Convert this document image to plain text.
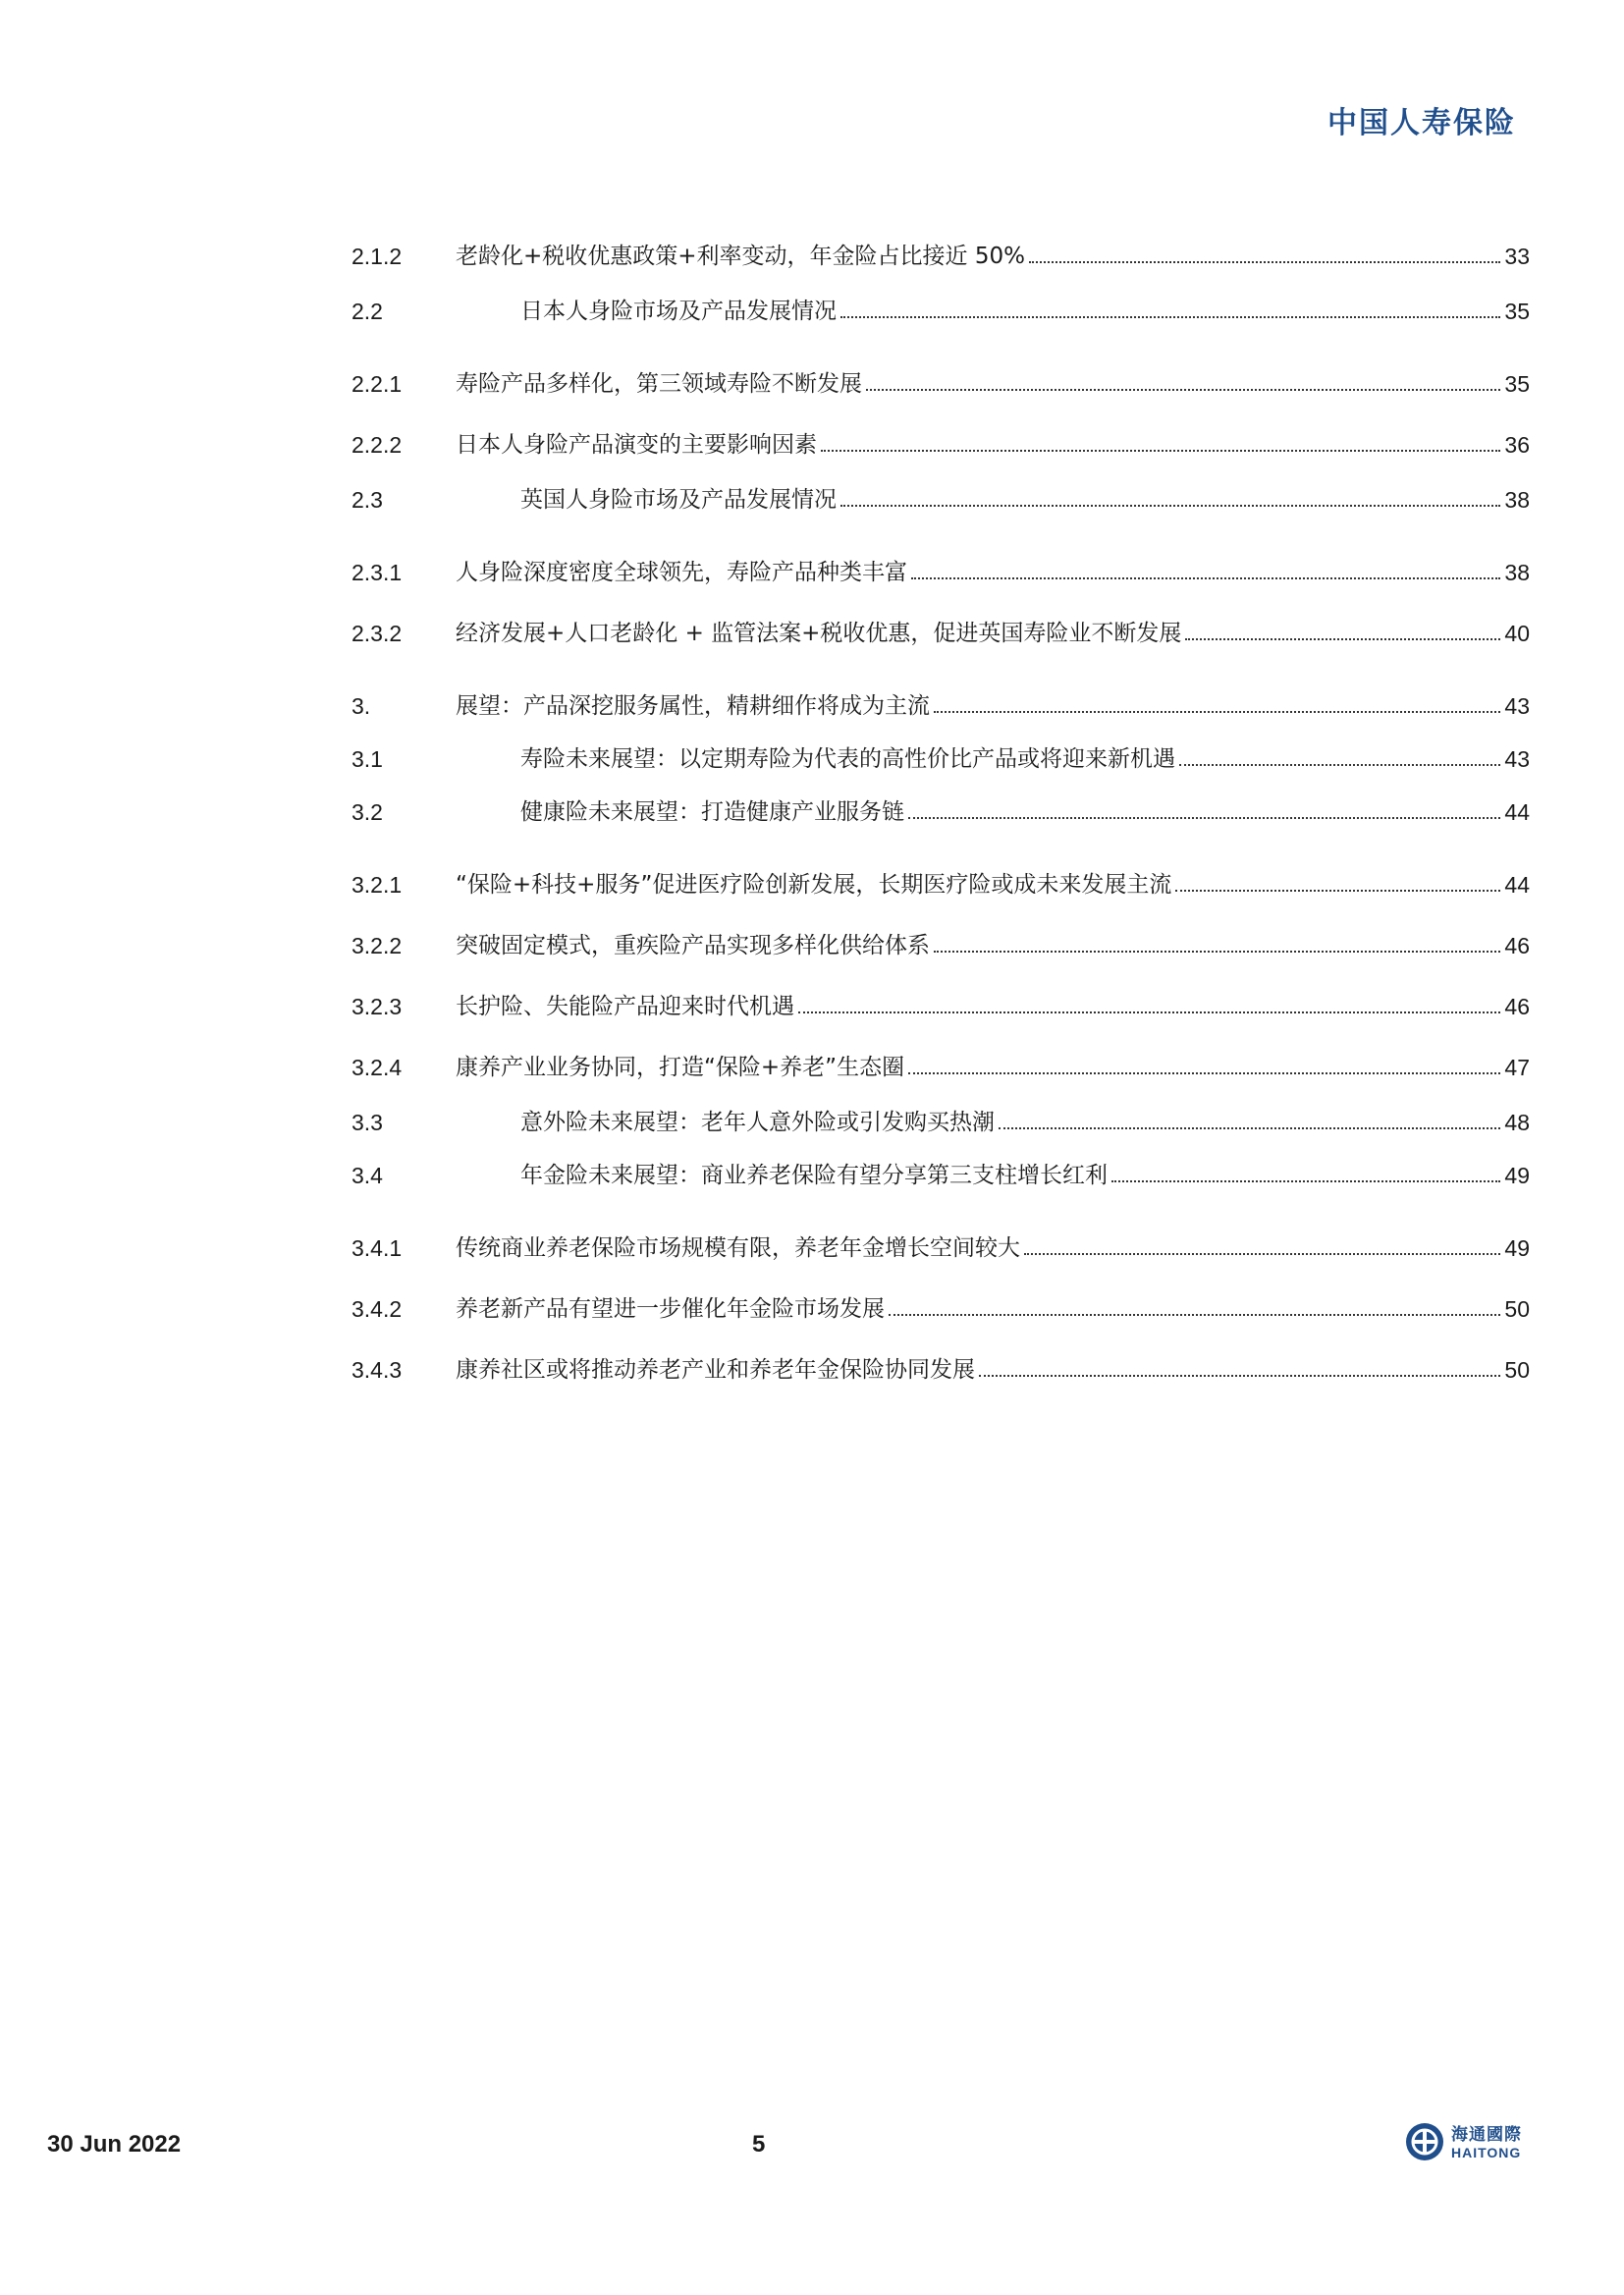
中国人寿保险
2.1.2	老龄化+税收优惠政策+利率变动，年金险占比接近 50%	33
2.2	日本人身险市场及产品发展情况	35
2.2.1	寿险产品多样化，第三领域寿险不断发展	35
2.2.2	日本人身险产品演变的主要影响因素	36
2.3	英国人身险市场及产品发展情况	38
2.3.1	人身险深度密度全球领先，寿险产品种类丰富	38
2.3.2	经济发展+人口老龄化 + 监管法案+税收优惠，促进英国寿险业不断发展	40
3.	展望：产品深挖服务属性，精耕细作将成为主流	43
3.1	寿险未来展望：以定期寿险为代表的高性价比产品或将迎来新机遇	43
3.2	健康险未来展望：打造健康产业服务链	44
3.2.1	“保险+科技+服务”促进医疗险创新发展，长期医疗险或成未来发展主流	44
3.2.2	突破固定模式，重疾险产品实现多样化供给体系	46
3.2.3	长护险、失能险产品迎来时代机遇	46
3.2.4	康养产业业务协同，打造“保险+养老”生态圈	47
3.3	意外险未来展望：老年人意外险或引发购买热潮	48
3.4	年金险未来展望：商业养老保险有望分享第三支柱增长红利	49
3.4.1	传统商业养老保险市场规模有限，养老年金增长空间较大	49
3.4.2	养老新产品有望进一步催化年金险市场发展	50
3.4.3	康养社区或将推动养老产业和养老年金保险协同发展	50
30 Jun 2022	5	海通國際
HAITONG
